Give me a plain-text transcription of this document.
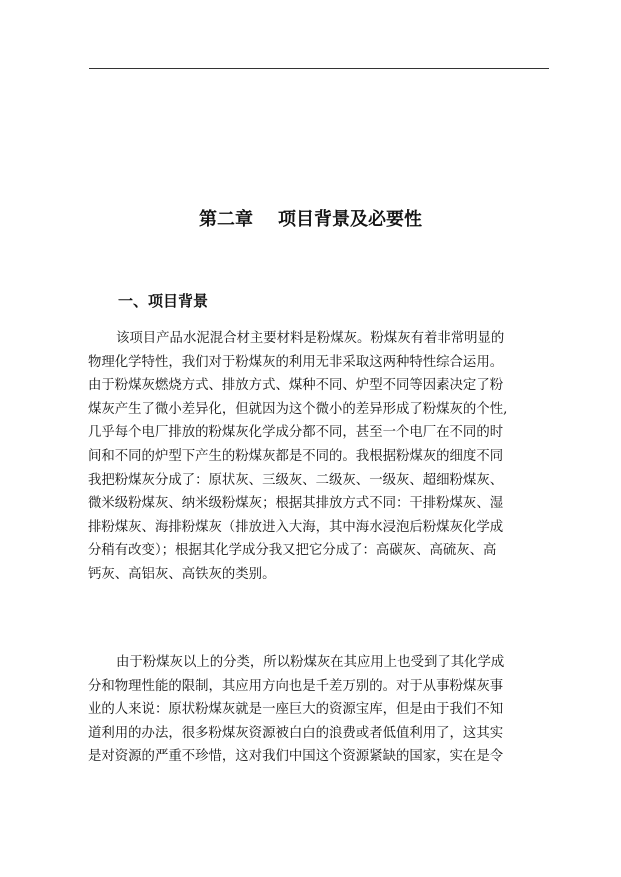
第二章    项目背景及必要性
一、项目背景
该项目产品水泥混合材主要材料是粉煤灰。粉煤灰有着非常明显的
物理化学特性，我们对于粉煤灰的利用无非采取这两种特性综合运用。
由于粉煤灰燃烧方式、排放方式、煤种不同、炉型不同等因素决定了粉
煤灰产生了微小差异化，但就因为这个微小的差异形成了粉煤灰的个性,
几乎每个电厂排放的粉煤灰化学成分都不同，甚至一个电厂在不同的时
间和不同的炉型下产生的粉煤灰都是不同的。我根据粉煤灰的细度不同
我把粉煤灰分成了：原状灰、三级灰、二级灰、一级灰、超细粉煤灰、
微米级粉煤灰、纳米级粉煤灰；根据其排放方式不同：干排粉煤灰、湿
排粉煤灰、海排粉煤灰（排放进入大海，其中海水浸泡后粉煤灰化学成
分稍有改变）；根据其化学成分我又把它分成了：高碳灰、高硫灰、高
钙灰、高铝灰、高铁灰的类别。
由于粉煤灰以上的分类，所以粉煤灰在其应用上也受到了其化学成
分和物理性能的限制，其应用方向也是千差万别的。对于从事粉煤灰事
业的人来说：原状粉煤灰就是一座巨大的资源宝库，但是由于我们不知
道利用的办法，很多粉煤灰资源被白白的浪费或者低值利用了，这其实
是对资源的严重不珍惜，这对我们中国这个资源紧缺的国家，实在是令
